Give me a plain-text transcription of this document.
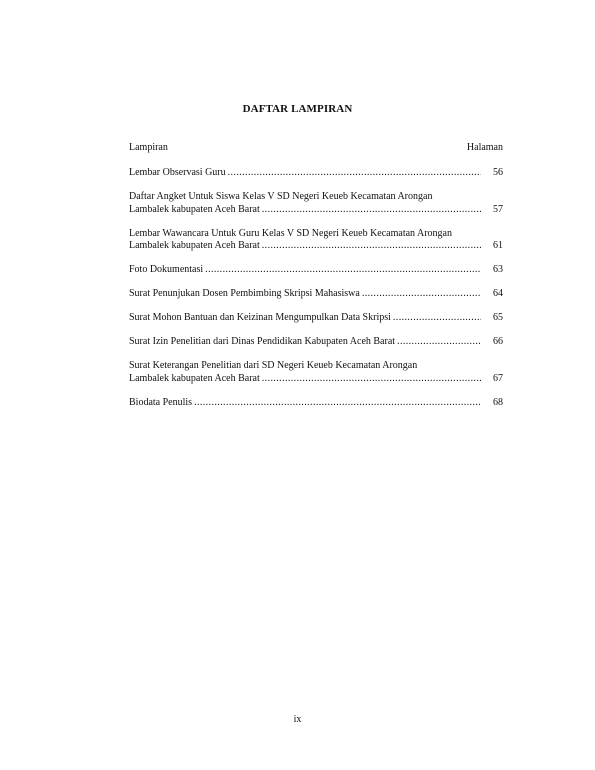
DAFTAR LAMPIRAN
Lampiran	Halaman
Lembar Observasi Guru .....	56
Daftar Angket Untuk Siswa Kelas V SD Negeri Keueb Kecamatan Arongan
Lambalek kabupaten Aceh Barat .....	57
Lembar Wawancara Untuk Guru Kelas V SD Negeri Keueb Kecamatan Arongan
Lambalek kabupaten Aceh Barat .....	61
Foto Dokumentasi .....	63
Surat Penunjukan Dosen Pembimbing Skripsi Mahasiswa .....	64
Surat Mohon Bantuan dan Keizinan Mengumpulkan Data Skripsi .....	65
Surat Izin Penelitian dari Dinas Pendidikan Kabupaten Aceh Barat .....	66
Surat Keterangan Penelitian dari SD Negeri Keueb Kecamatan Arongan
Lambalek kabupaten Aceh Barat .....	67
Biodata Penulis .....	68
ix
